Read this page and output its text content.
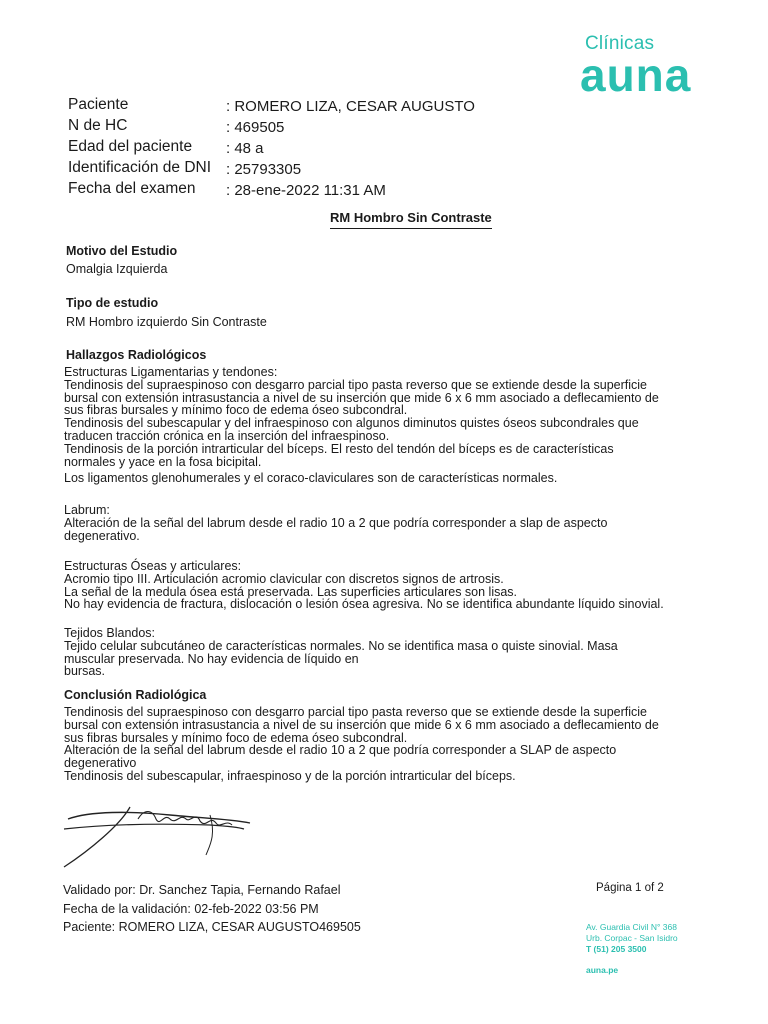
Clínicas
auna
Paciente	: ROMERO LIZA, CESAR AUGUSTO
N de HC	: 469505
Edad del paciente : 48 a
Identificación de DNI : 25793305
Fecha del examen : 28-ene-2022 11:31 AM
RM Hombro Sin Contraste
Motivo del Estudio
Omalgia Izquierda
Tipo de estudio
RM Hombro izquierdo Sin Contraste
Hallazgos Radiológicos
Estructuras Ligamentarias y tendones:
Tendinosis del supraespinoso con desgarro parcial tipo pasta reverso que se extiende desde la superficie
bursal con extensión intrasustancia a nivel de su inserción que mide 6 x 6 mm asociado a deflecamiento de
sus fibras bursales y mínimo foco de edema óseo subcondral.
Tendinosis del subescapular y del infraespinoso con algunos diminutos quistes óseos subcondrales que
traducen tracción crónica en la inserción del infraespinoso.
Tendinosis de la porción intrarticular del bíceps. El resto del tendón del bíceps es de características
normales y yace en la fosa bicipital.
Los ligamentos glenohumerales y el coraco-claviculares son de características normales.
Labrum:
Alteración de la señal del labrum desde el radio 10 a 2 que podría corresponder a slap de aspecto
degenerativo.
Estructuras Óseas y articulares:
Acromio tipo III. Articulación acromio clavicular con discretos signos de artrosis.
La señal de la medula ósea está preservada. Las superficies articulares son lisas.
No hay evidencia de fractura, dislocación o lesión ósea agresiva. No se identifica abundante líquido sinovial.
Tejidos Blandos:
Tejido celular subcutáneo de características normales. No se identifica masa o quiste sinovial. Masa
muscular preservada. No hay evidencia de líquido en
bursas.
Conclusión Radiológica
Tendinosis del supraespinoso con desgarro parcial tipo pasta reverso que se extiende desde la superficie
bursal con extensión intrasustancia a nivel de su inserción que mide 6 x 6 mm asociado a deflecamiento de
sus fibras bursales y mínimo foco de edema óseo subcondral.
Alteración de la señal del labrum desde el radio 10 a 2 que podría corresponder a SLAP de aspecto
degenerativo
Tendinosis del subescapular, infraespinoso y de la porción intrarticular del bíceps.
Validado por: Dr. Sanchez Tapia, Fernando Rafael
Fecha de la validación: 02-feb-2022 03:56 PM
Paciente: ROMERO LIZA, CESAR AUGUSTO469505
Página 1 of 2
Av. Guardia Civil N° 368
Urb. Corpac - San Isidro
T (51) 205 3500
auna.pe
